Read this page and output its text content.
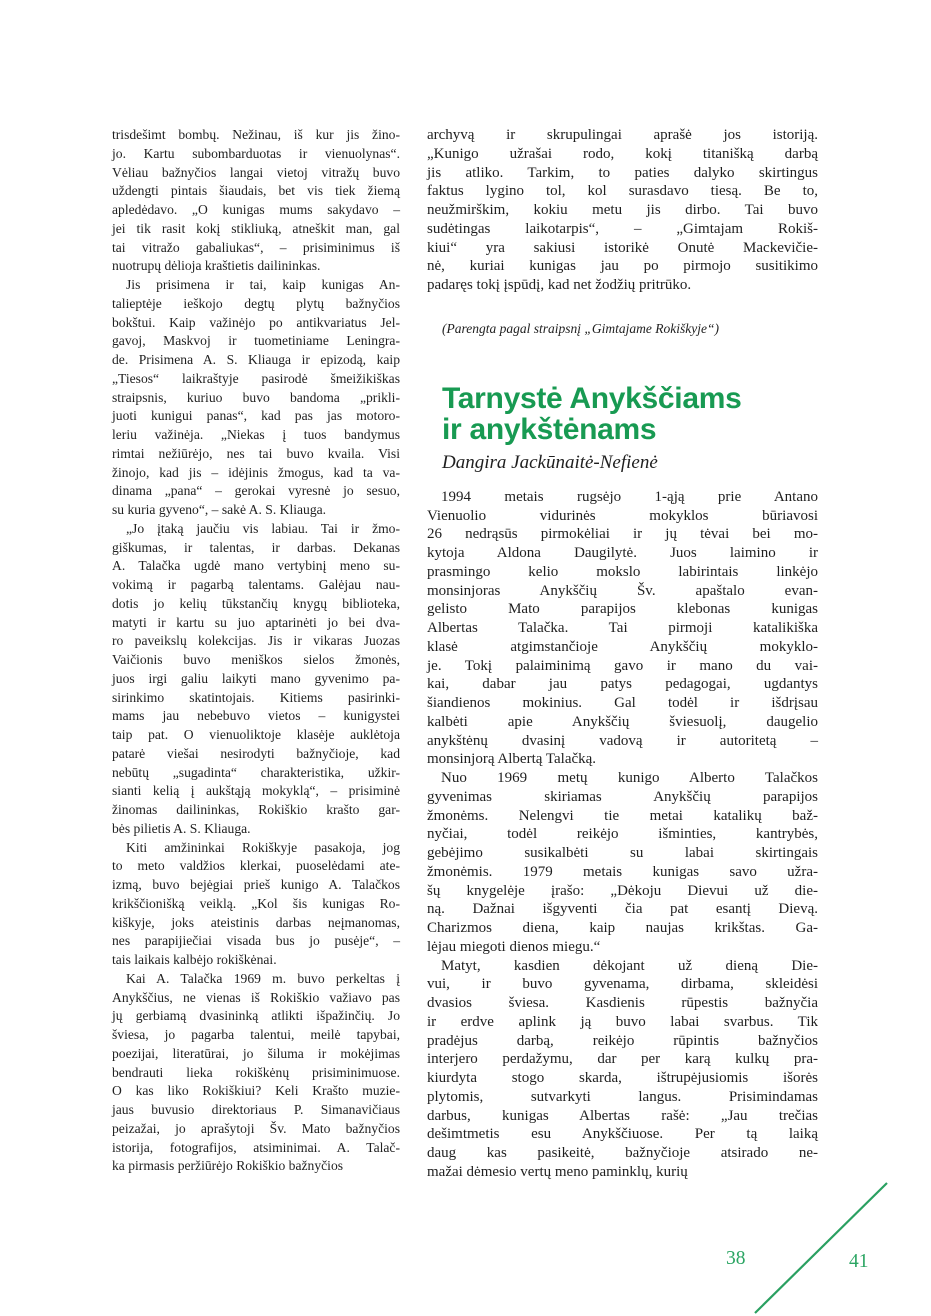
trisdešimt bombų. Nežinau, iš kur jis žino-
jo. Kartu subombarduotas ir vienuolynas“.
Vėliau bažnyčios langai vietoj vitražų buvo
uždengti pintais šiaudais, bet vis tiek žiemą
apledėdavo. „O kunigas mums sakydavo –
jei tik rasit kokį stikliuką, atneškit man, gal
tai vitražo gabaliukas“, – prisiminimus iš
nuotrupų dėlioja kraštietis dailininkas.
Jis prisimena ir tai, kaip kunigas An-
talieptėje ieškojo degtų plytų bažnyčios
bokštui. Kaip važinėjo po antikvariatus Jel-
gavoj, Maskvoj ir tuometiniame Leningra-
de. Prisimena A. S. Kliauga ir epizodą, kaip
„Tiesos“ laikraštyje pasirodė šmeižikiškas
straipsnis, kuriuo buvo bandoma „prikli-
juoti kunigui panas“, kad pas jas motoro-
leriu važinėja. „Niekas į tuos bandymus
rimtai nežiūrėjo, nes tai buvo kvaila. Visi
žinojo, kad jis – idėjinis žmogus, kad ta va-
dinama „pana“ – gerokai vyresnė jo sesuo,
su kuria gyveno“, – sakė A. S. Kliauga.
„Jo įtaką jaučiu vis labiau. Tai ir žmo-
giškumas, ir talentas, ir darbas. Dekanas
A. Talačka ugdė mano vertybinį meno su-
vokimą ir pagarbą talentams. Galėjau nau-
dotis jo kelių tūkstančių knygų biblioteka,
matyti ir kartu su juo aptarinėti jo bei dva-
ro paveikslų kolekcijas. Jis ir vikaras Juozas
Vaičionis buvo meniškos sielos žmonės,
juos irgi galiu laikyti mano gyvenimo pa-
sirinkimo skatintojais. Kitiems pasirinki-
mams jau nebebuvo vietos – kunigystei
taip pat. O vienuoliktoje klasėje auklėtoja
patarė viešai nesirodyti bažnyčioje, kad
nebūtų „sugadinta“ charakteristika, užkir-
sianti kelią į aukštąją mokyklą“, – prisiminė
žinomas dailininkas, Rokiškio krašto gar-
bės pilietis A. S. Kliauga.
Kiti amžininkai Rokiškyje pasakoja, jog
to meto valdžios klerkai, puoselėdami ate-
izmą, buvo bejėgiai prieš kunigo A. Talačkos
krikščionišką veiklą. „Kol šis kunigas Ro-
kiškyje, joks ateistinis darbas neįmanomas,
nes parapijiečiai visada bus jo pusėje“, –
tais laikais kalbėjo rokiškėnai.
Kai A. Talačka 1969 m. buvo perkeltas į
Anykščius, ne vienas iš Rokiškio važiavo pas
jų gerbiamą dvasininką atlikti išpažinčių. Jo
šviesa, jo pagarba talentui, meilė tapybai,
poezijai, literatūrai, jo šiluma ir mokėjimas
bendrauti lieka rokiškėnų prisiminimuose.
O kas liko Rokiškiui? Keli Krašto muzie-
jaus buvusio direktoriaus P. Simanavičiaus
peizažai, jo aprašytoji Šv. Mato bažnyčios
istorija, fotografijos, atsiminimai. A. Talač-
ka pirmasis peržiūrėjo Rokiškio bažnyčios
archyvą ir skrupulingai aprašė jos istoriją.
„Kunigo užrašai rodo, kokį titanišką darbą
jis atliko. Tarkim, to paties dalyko skirtingus
faktus lygino tol, kol surasdavo tiesą. Be to,
neužmirškim, kokiu metu jis dirbo. Tai buvo
sudėtingas laikotarpis“, – „Gimtajam Rokiš-
kiui“ yra sakiusi istorikė Onutė Mackevičie-
nė, kuriai kunigas jau po pirmojo susitikimo
padaręs tokį įspūdį, kad net žodžių pritrūko.
(Parengta pagal straipsnį „Gimtajame Rokiškyje“)
Tarnystė Anykščiams
ir anykštėnams
Dangira Jackūnaitė-Nefienė
1994 metais rugsėjo 1-ąją prie Antano
Vienuolio vidurinės mokyklos būriavosi
26 nedrąsūs pirmokėliai ir jų tėvai bei mo-
kytoja Aldona Daugilytė. Juos laimino ir
prasmingo kelio mokslo labirintais linkėjo
monsinjoras Anykščių Šv. apaštalo evan-
gelisto Mato parapijos klebonas kunigas
Albertas Talačka. Tai pirmoji katalikiška
klasė atgimstančioje Anykščių mokyklo-
je. Tokį palaiminimą gavo ir mano du vai-
kai, dabar jau patys pedagogai, ugdantys
šiandienos mokinius. Gal todėl ir išdrįsau
kalbėti apie Anykščių šviesuolį, daugelio
anykštėnų dvasinį vadovą ir autoritetą –
monsinjorą Albertą Talačką.
Nuo 1969 metų kunigo Alberto Talačkos
gyvenimas skiriamas Anykščių parapijos
žmonėms. Nelengvi tie metai katalikų baž-
nyčiai, todėl reikėjo išminties, kantrybės,
gebėjimo susikalbėti su labai skirtingais
žmonėmis. 1979 metais kunigas savo užra-
šų knygelėje įrašo: „Dėkoju Dievui už die-
ną. Dažnai išgyventi čia pat esantį Dievą.
Charizmos diena, kaip naujas krikštas. Ga-
lėjau miegoti dienos miegu.“
Matyt, kasdien dėkojant už dieną Die-
vui, ir buvo gyvenama, dirbama, skleidėsi
dvasios šviesa. Kasdienis rūpestis bažnyčia
ir erdve aplink ją buvo labai svarbus. Tik
pradėjus darbą, reikėjo rūpintis bažnyčios
interjero perdažymu, dar per karą kulkų pra-
kiurdyta stogo skarda, ištrupėjusiomis išorės
plytomis, sutvarkyti langus. Prisimindamas
darbus, kunigas Albertas rašė: „Jau trečias
dešimtmetis esu Anykščiuose. Per tą laiką
daug kas pasikeitė, bažnyčioje atsirado ne-
mažai dėmesio vertų meno paminklų, kurių
38	41
